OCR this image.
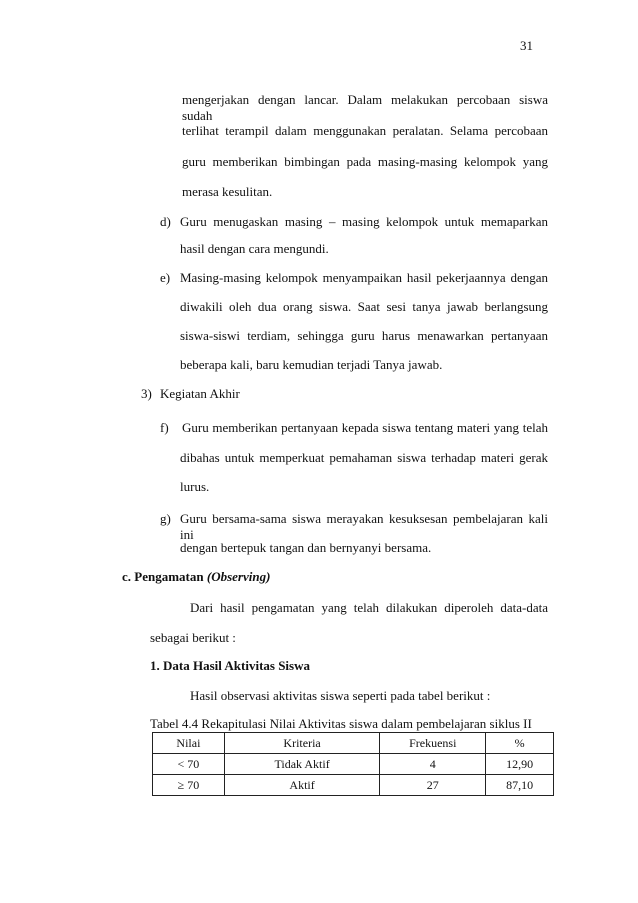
31
mengerjakan dengan lancar. Dalam melakukan percobaan siswa sudah
terlihat terampil dalam menggunakan peralatan. Selama percobaan
guru memberikan bimbingan pada masing-masing kelompok yang
merasa kesulitan.
d) Guru menugaskan masing – masing kelompok untuk memaparkan
hasil dengan cara mengundi.
e) Masing-masing kelompok menyampaikan hasil pekerjaannya dengan
diwakili oleh dua orang siswa. Saat sesi tanya jawab berlangsung
siswa-siswi terdiam, sehingga guru harus menawarkan pertanyaan
beberapa kali, baru kemudian terjadi Tanya jawab.
3) Kegiatan Akhir
f) Guru memberikan pertanyaan kepada siswa tentang materi yang telah
dibahas untuk memperkuat pemahaman siswa terhadap materi gerak
lurus.
g) Guru bersama-sama siswa merayakan kesuksesan pembelajaran kali ini
dengan bertepuk tangan dan bernyanyi bersama.
c. Pengamatan (Observing)
Dari hasil pengamatan yang telah dilakukan diperoleh data-data
sebagai berikut :
1. Data Hasil Aktivitas Siswa
Hasil observasi aktivitas siswa seperti pada tabel berikut :
Tabel 4.4 Rekapitulasi Nilai Aktivitas siswa dalam pembelajaran siklus II
Nilai	Kriteria	Frekuensi	%
< 70	Tidak Aktif	4	12,90
≥ 70	Aktif	27	87,10
